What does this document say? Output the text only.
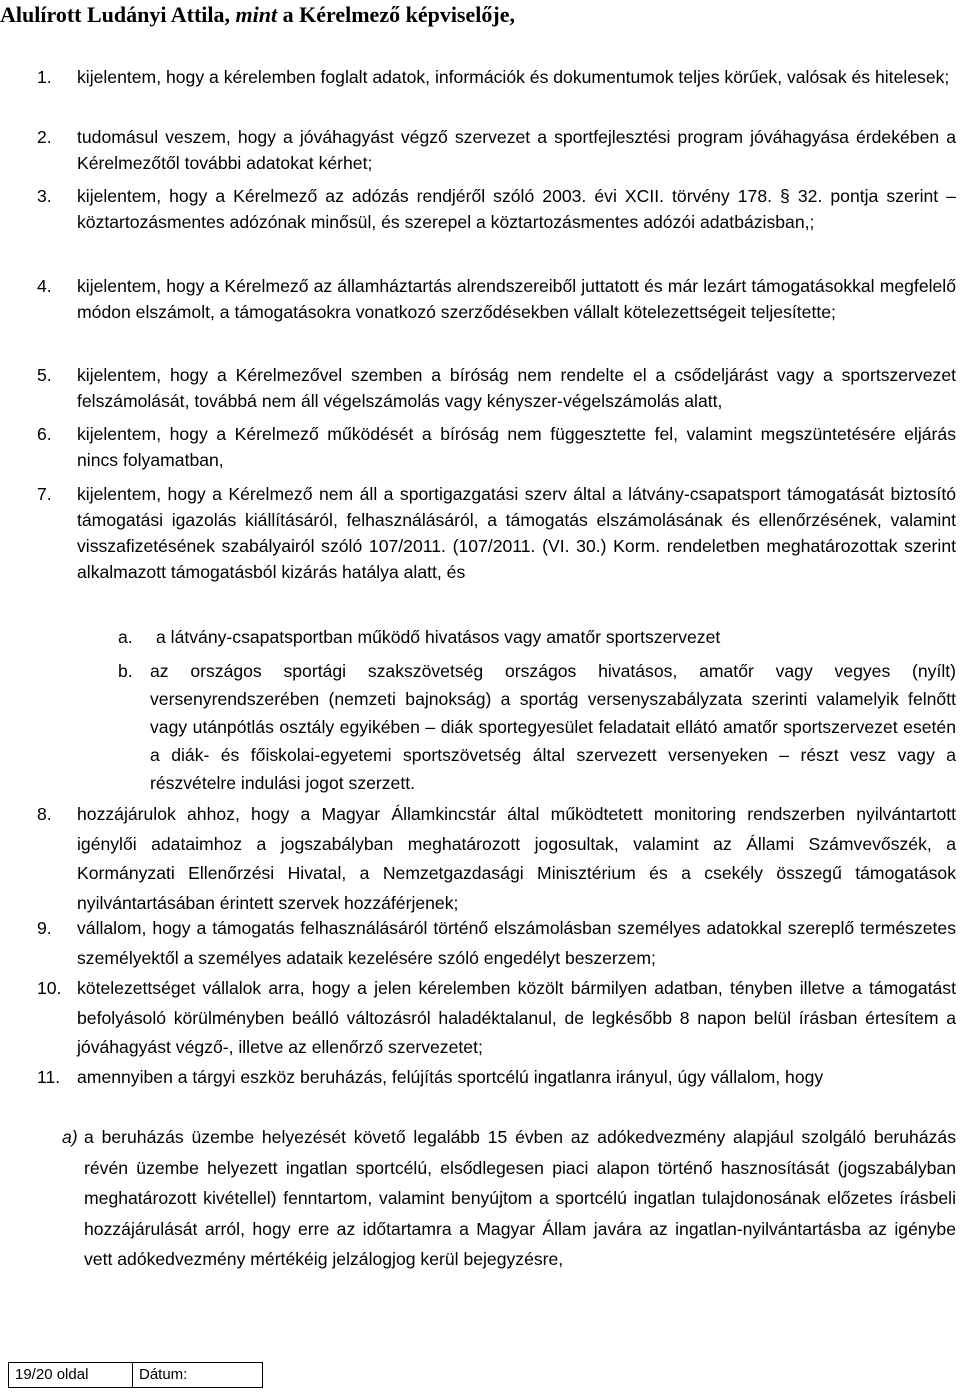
Alulírott Ludányi Attila, mint a Kérelmező képviselője,
1. kijelentem, hogy a kérelemben foglalt adatok, információk és dokumentumok teljes körűek, valósak és hitelesek;
2. tudomásul veszem, hogy a jóváhagyást végző szervezet a sportfejlesztési program jóváhagyása érdekében a Kérelmezőtől további adatokat kérhet;
3. kijelentem, hogy a Kérelmező az adózás rendjéről szóló 2003. évi XCII. törvény 178. § 32. pontja szerint –köztartozásmentes adózónak minősül, és szerepel a köztartozásmentes adózói adatbázisban,;
4. kijelentem, hogy a Kérelmező az államháztartás alrendszereiből juttatott és már lezárt támogatásokkal megfelelő módon elszámolt, a támogatásokra vonatkozó szerződésekben vállalt kötelezettségeit teljesítette;
5. kijelentem, hogy a Kérelmezővel szemben a bíróság nem rendelte el a csődeljárást vagy a sportszervezet felszámolását, továbbá nem áll végelszámolás vagy kényszer-végelszámolás alatt,
6. kijelentem, hogy a Kérelmező működését a bíróság nem függesztette fel, valamint megszüntetésére eljárás nincs folyamatban,
7. kijelentem, hogy a Kérelmező nem áll a sportigazgatási szerv által a látvány-csapatsport támogatását biztosító támogatási igazolás kiállításáról, felhasználásáról, a támogatás elszámolásának és ellenőrzésének, valamint visszafizetésének szabályairól szóló 107/2011. (107/2011. (VI. 30.) Korm. rendeletben meghatározottak szerint alkalmazott támogatásból kizárás hatálya alatt, és
a. a látvány-csapatsportban működő hivatásos vagy amatőr sportszervezet
b. az országos sportági szakszövetség országos hivatásos, amatőr vagy vegyes (nyílt) versenyrendszerében (nemzeti bajnokság) a sportág versenyszabályzata szerinti valamelyik felnőtt vagy utánpótlás osztály egyikében – diák sportegyesület feladatait ellátó amatőr sportszervezet esetén a diák- és főiskolai-egyetemi sportszövetség által szervezett versenyeken – részt vesz vagy a részvételre indulási jogot szerzett.
8. hozzájárulok ahhoz, hogy a Magyar Államkincstár által működtetett monitoring rendszerben nyilvántartott igénylői adataimhoz a jogszabályban meghatározott jogosultak, valamint az Állami Számvevőszék, a Kormányzati Ellenőrzési Hivatal, a Nemzetgazdasági Minisztérium és a csekély összegű támogatások nyilvántartásában érintett szervek hozzáférjenek;
9. vállalom, hogy a támogatás felhasználásáról történő elszámolásban személyes adatokkal szereplő természetes személyektől a személyes adataik kezelésére szóló engedélyt beszerzem;
10. kötelezettséget vállalok arra, hogy a jelen kérelemben közölt bármilyen adatban, tényben illetve a támogatást befolyásoló körülményben beálló változásról haladéktalanul, de legkésőbb 8 napon belül írásban értesítem a jóváhagyást végző-, illetve az ellenőrző szervezetet;
11. amennyiben a tárgyi eszköz beruházás, felújítás sportcélú ingatlanra irányul, úgy vállalom, hogy
a) a beruházás üzembe helyezését követő legalább 15 évben az adókedvezmény alapjául szolgáló beruházás révén üzembe helyezett ingatlan sportcélú, elsődlegesen piaci alapon történő hasznosítását (jogszabályban meghatározott kivétellel) fenntartom, valamint benyújtom a sportcélú ingatlan tulajdonosának előzetes írásbeli hozzájárulását arról, hogy erre az időtartamra a Magyar Állam javára az ingatlan-nyilvántartásba az igénybe vett adókedvezmény mértékéig jelzálogjog kerül bejegyzésre,
19/20 oldal	Dátum:
